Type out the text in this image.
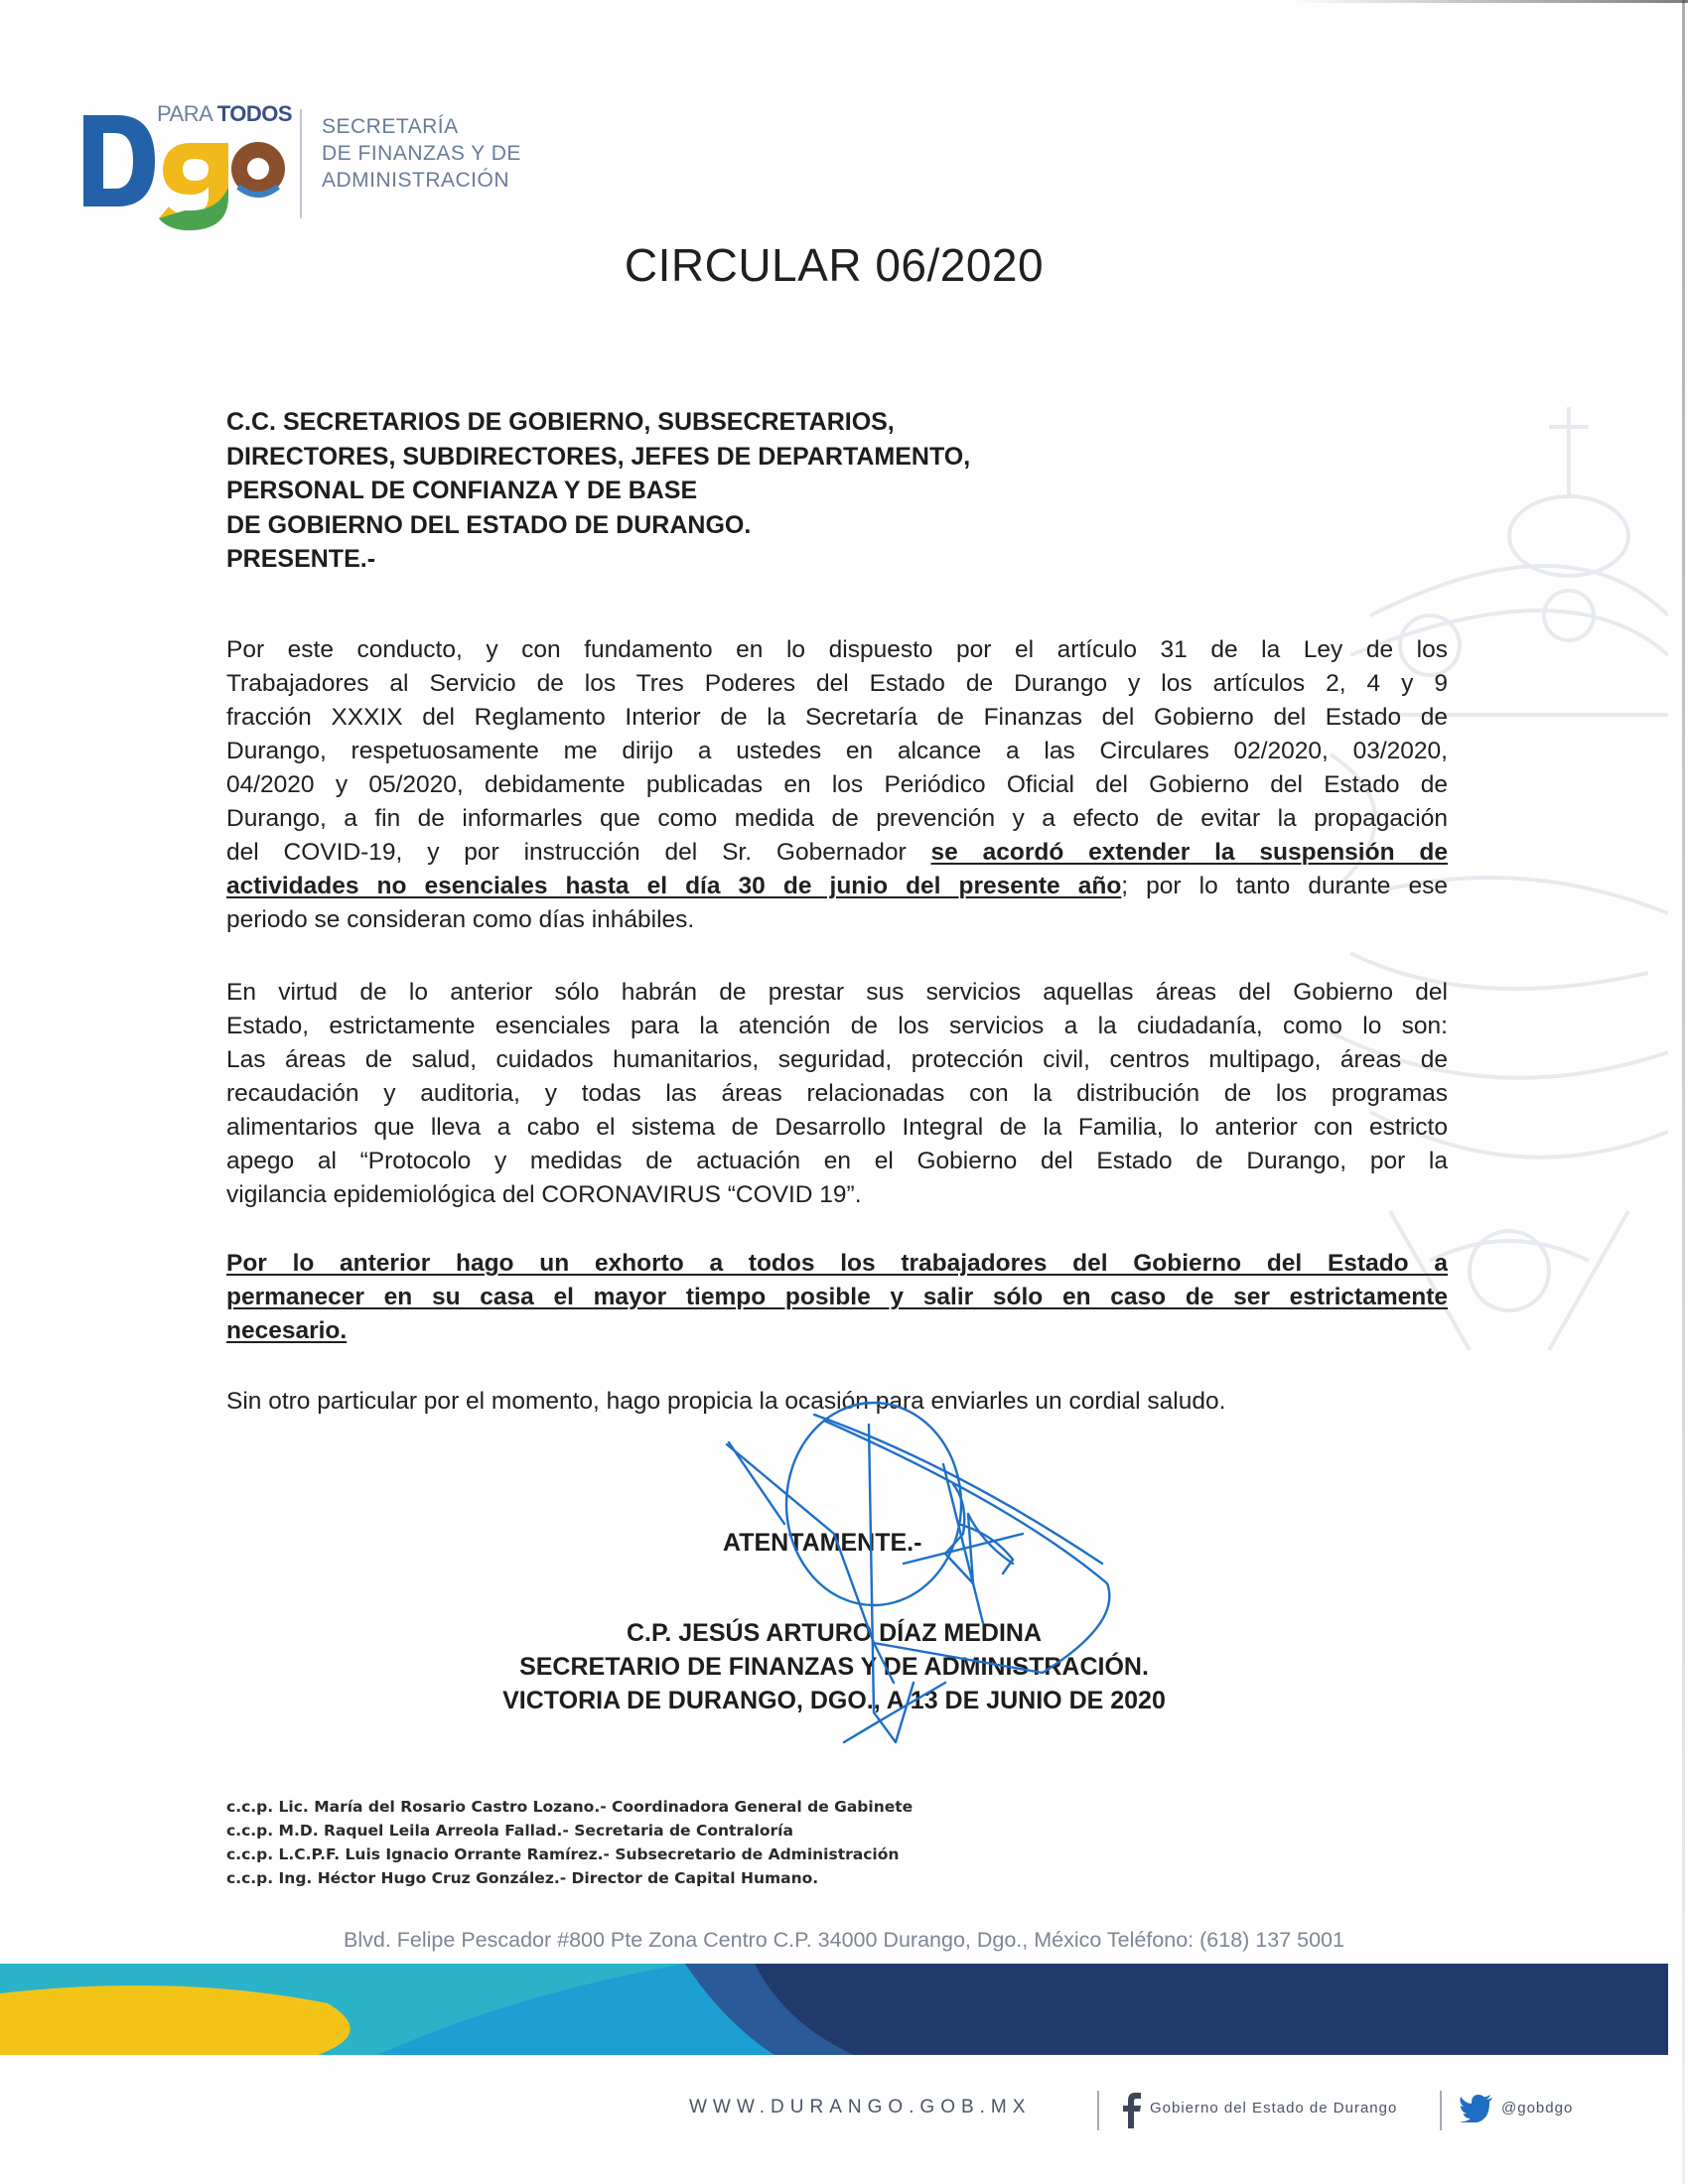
PARA TODOS
SECRETARÍA
DE FINANZAS Y DE
ADMINISTRACIÓN
CIRCULAR 06/2020
C.C. SECRETARIOS DE GOBIERNO, SUBSECRETARIOS,
DIRECTORES, SUBDIRECTORES, JEFES DE DEPARTAMENTO,
PERSONAL DE CONFIANZA Y DE BASE
DE GOBIERNO DEL ESTADO DE DURANGO.
PRESENTE.-
Por este conducto, y con fundamento en lo dispuesto por el artículo 31 de la Ley de los
Trabajadores al Servicio de los Tres Poderes del Estado de Durango y los artículos 2, 4 y 9
fracción XXXIX del Reglamento Interior de la Secretaría de Finanzas del Gobierno del Estado de
Durango, respetuosamente me dirijo a ustedes en alcance a las Circulares 02/2020, 03/2020,
04/2020 y 05/2020, debidamente publicadas en los Periódico Oficial del Gobierno del Estado de
Durango, a fin de informarles que como medida de prevención y a efecto de evitar la propagación
del COVID-19, y por instrucción del Sr. Gobernador se acordó extender la suspensión de
actividades no esenciales hasta el día 30 de junio del presente año; por lo tanto durante ese
periodo se consideran como días inhábiles.
En virtud de lo anterior sólo habrán de prestar sus servicios aquellas áreas del Gobierno del
Estado, estrictamente esenciales para la atención de los servicios a la ciudadanía, como lo son:
Las áreas de salud, cuidados humanitarios, seguridad, protección civil, centros multipago, áreas de
recaudación y auditoria, y todas las áreas relacionadas con la distribución de los programas
alimentarios que lleva a cabo el sistema de Desarrollo Integral de la Familia, lo anterior con estricto
apego al “Protocolo y medidas de actuación en el Gobierno del Estado de Durango, por la
vigilancia epidemiológica del CORONAVIRUS “COVID 19”.
Por lo anterior hago un exhorto a todos los trabajadores del Gobierno del Estado a
permanecer en su casa el mayor tiempo posible y salir sólo en caso de ser estrictamente
necesario.
Sin otro particular por el momento, hago propicia la ocasión para enviarles un cordial saludo.
ATENTAMENTE.-
C.P. JESÚS ARTURO DÍAZ MEDINA
SECRETARIO DE FINANZAS Y DE ADMINISTRACIÓN.
VICTORIA DE DURANGO, DGO., A 13 DE JUNIO DE 2020
c.c.p. Lic. María del Rosario Castro Lozano.- Coordinadora General de Gabinete
c.c.p. M.D. Raquel Leila Arreola Fallad.- Secretaria de Contraloría
c.c.p. L.C.P.F. Luis Ignacio Orrante Ramírez.- Subsecretario de Administración
c.c.p. Ing. Héctor Hugo Cruz González.- Director de Capital Humano.
Blvd. Felipe Pescador #800 Pte Zona Centro C.P. 34000 Durango, Dgo., México Teléfono: (618) 137 5001
WWW.DURANGO.GOB.MX	Gobierno del Estado de Durango	@gobdgo
